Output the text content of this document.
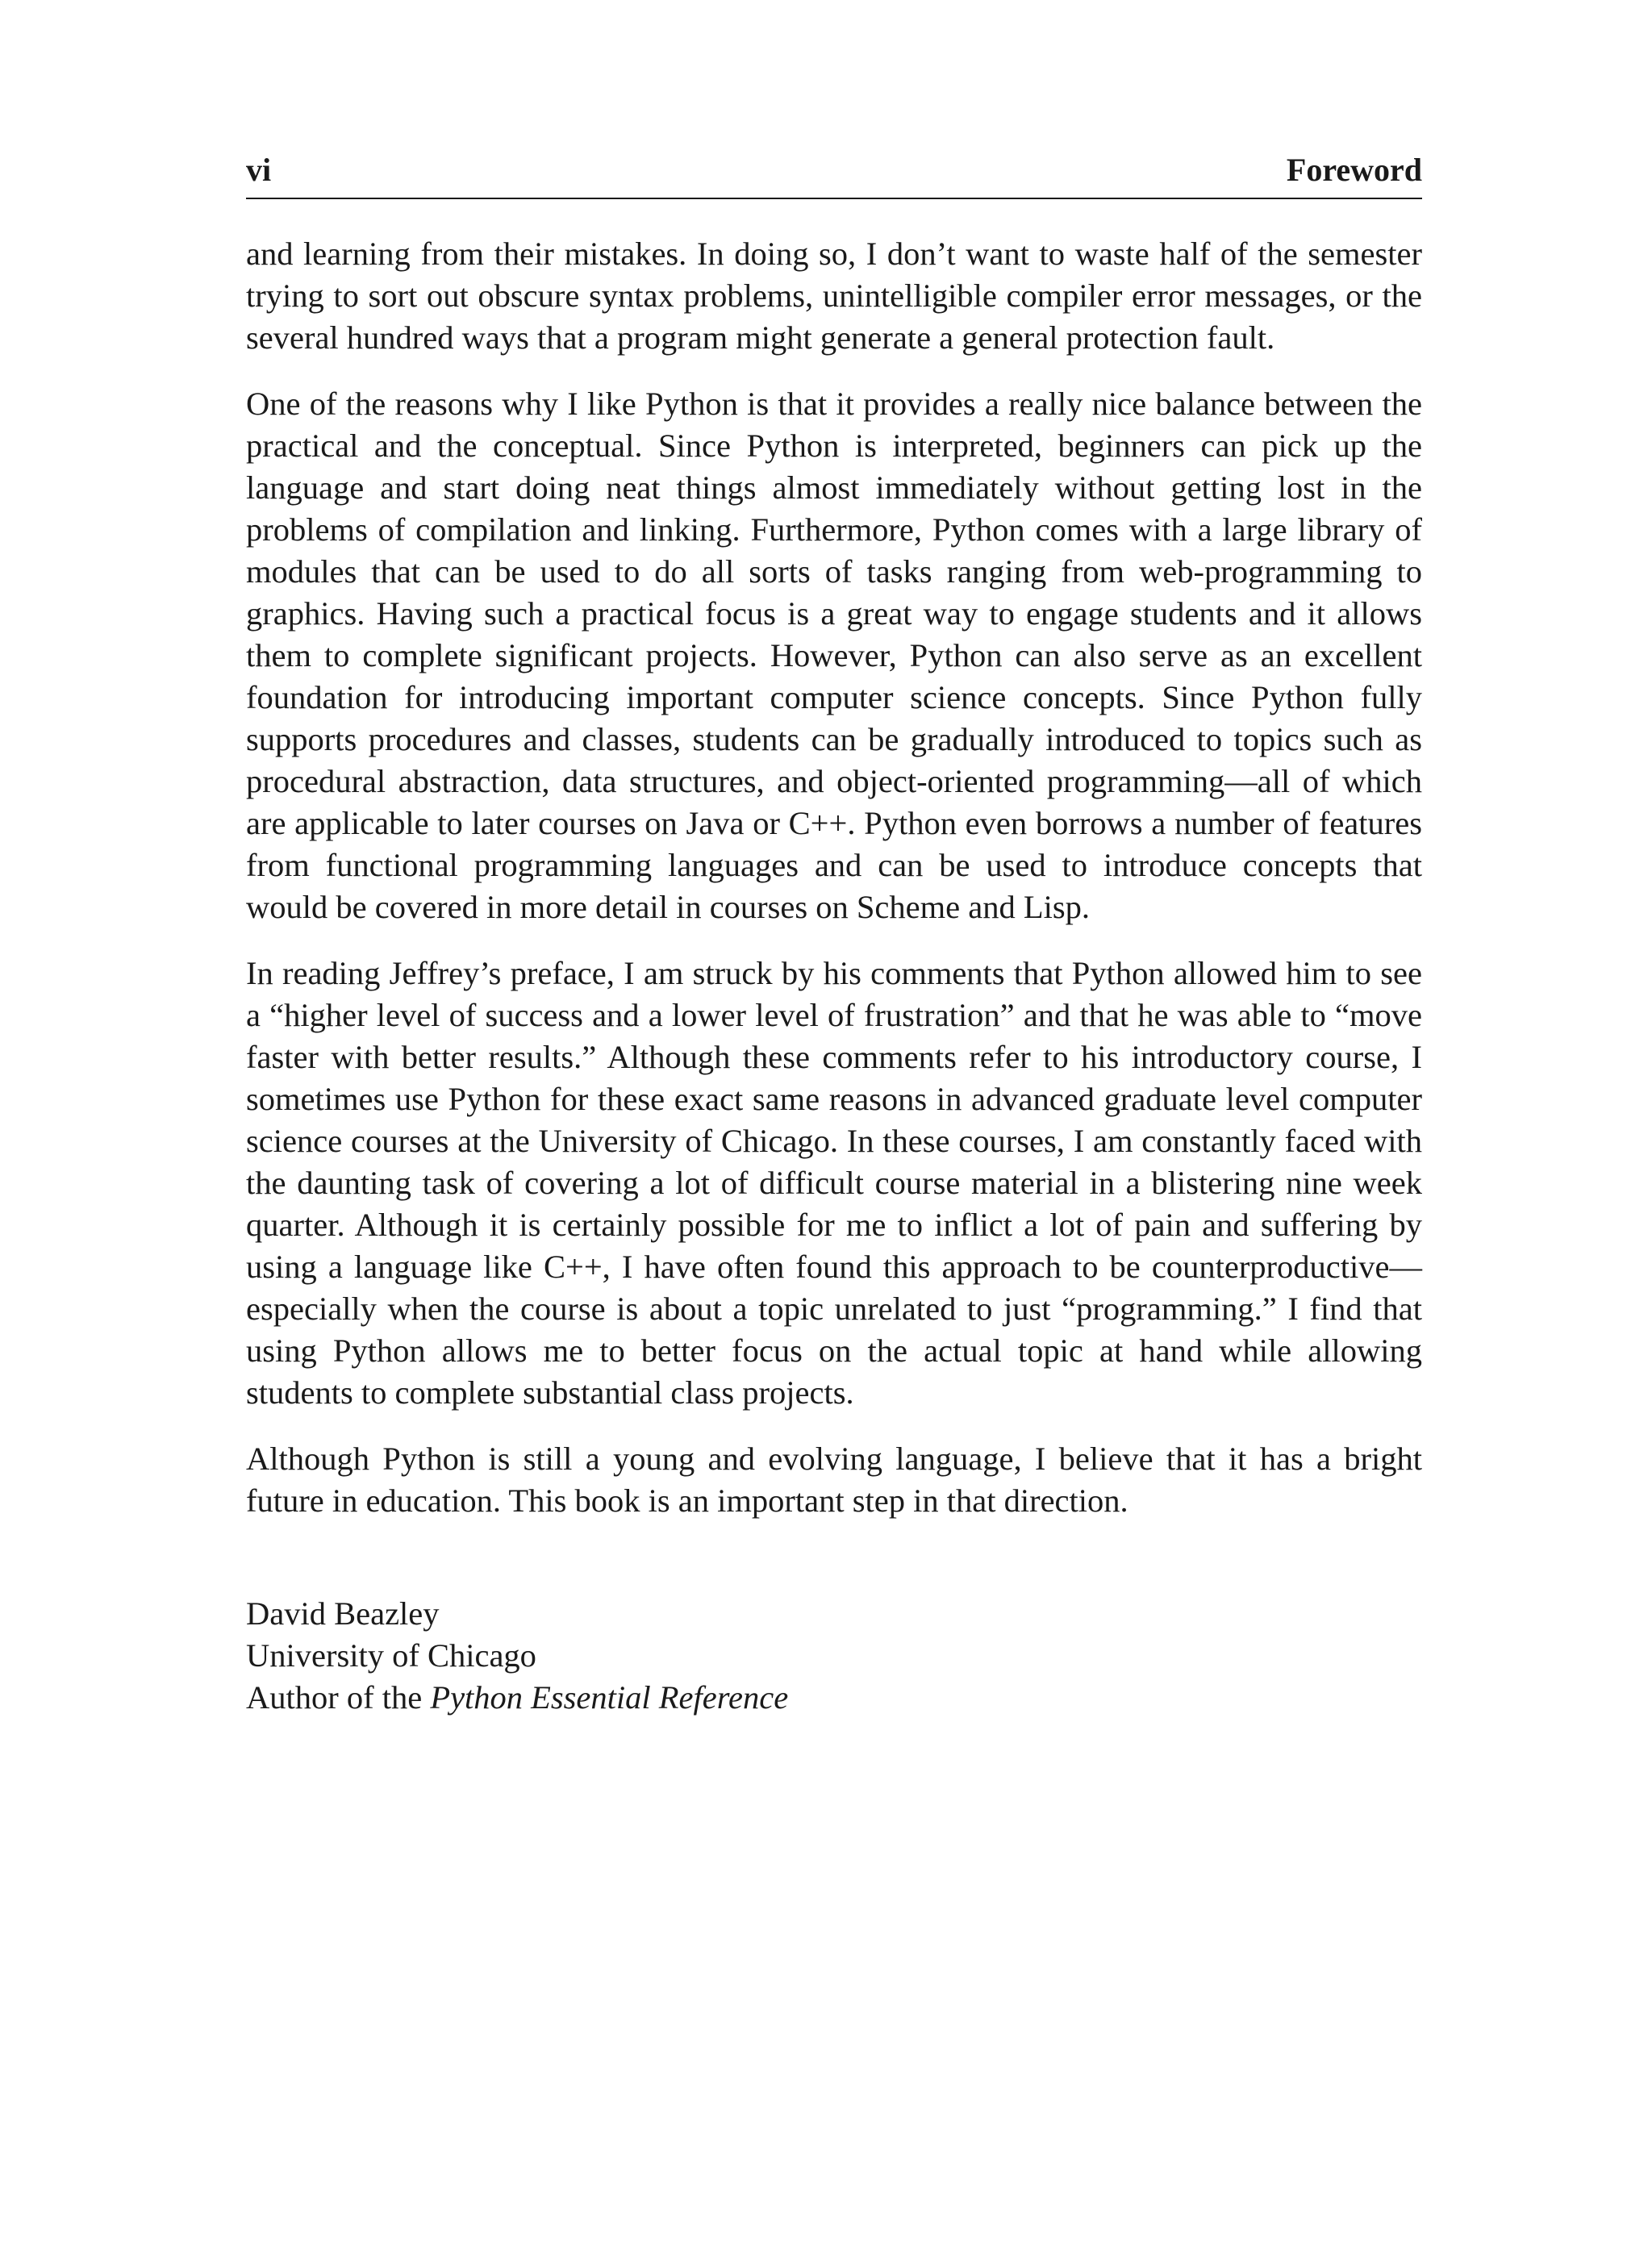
vi	Foreword

and learning from their mistakes. In doing so, I don’t want to waste half of the semester trying to sort out obscure syntax problems, unintelligible compiler error messages, or the several hundred ways that a program might generate a general protection fault.

One of the reasons why I like Python is that it provides a really nice balance between the practical and the conceptual. Since Python is interpreted, beginners can pick up the language and start doing neat things almost immediately without getting lost in the problems of compilation and linking. Furthermore, Python comes with a large library of modules that can be used to do all sorts of tasks ranging from web-programming to graphics. Having such a practical focus is a great way to engage students and it allows them to complete significant projects. However, Python can also serve as an excellent foundation for introducing important computer science concepts. Since Python fully supports procedures and classes, students can be gradually introduced to topics such as procedural abstraction, data structures, and object-oriented programming—all of which are applicable to later courses on Java or C++. Python even borrows a number of features from functional programming languages and can be used to introduce concepts that would be covered in more detail in courses on Scheme and Lisp.

In reading Jeffrey’s preface, I am struck by his comments that Python allowed him to see a “higher level of success and a lower level of frustration” and that he was able to “move faster with better results.” Although these comments refer to his introductory course, I sometimes use Python for these exact same reasons in advanced graduate level computer science courses at the University of Chicago. In these courses, I am constantly faced with the daunting task of covering a lot of difficult course material in a blistering nine week quarter. Although it is certainly possible for me to inflict a lot of pain and suffering by using a language like C++, I have often found this approach to be counterproductive— especially when the course is about a topic unrelated to just “programming.” I find that using Python allows me to better focus on the actual topic at hand while allowing students to complete substantial class projects.

Although Python is still a young and evolving language, I believe that it has a bright future in education. This book is an important step in that direction.

David Beazley
University of Chicago
Author of the Python Essential Reference
